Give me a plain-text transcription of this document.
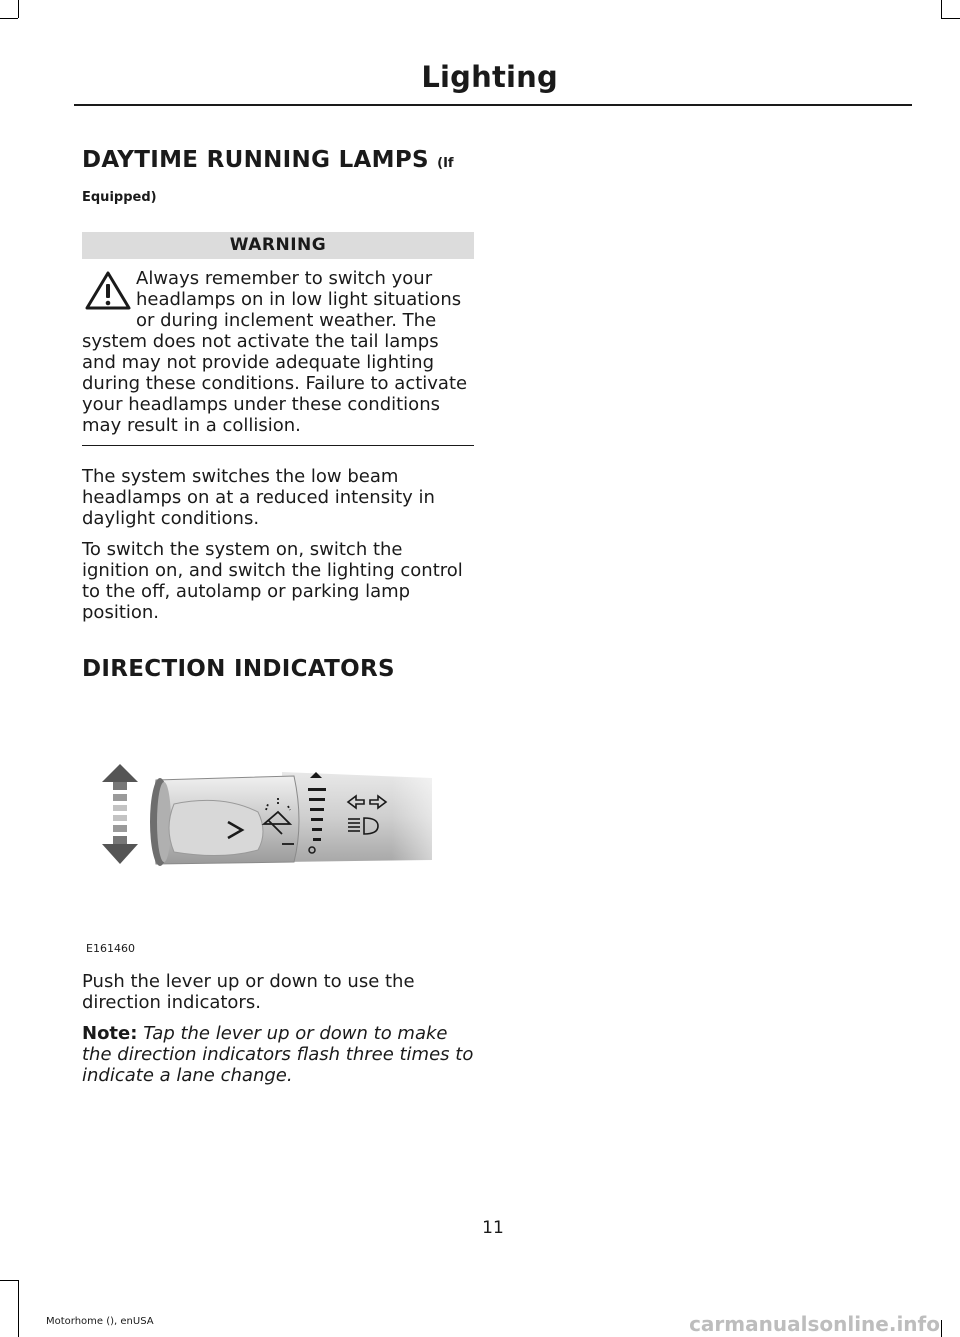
Lighting
DAYTIME RUNNING LAMPS (If
Equipped)
WARNING

Always remember to switch your headlamps on in low light situations or during inclement weather. The system does not activate the tail lamps and may not provide adequate lighting during these conditions. Failure to activate your headlamps under these conditions may result in a collision.

The system switches the low beam headlamps on at a reduced intensity in daylight conditions.

To switch the system on, switch the ignition on, and switch the lighting control to the off, autolamp or parking lamp position.

DIRECTION INDICATORS
E161460

Push the lever up or down to use the direction indicators.

Note: Tap the lever up or down to make the direction indicators flash three times to indicate a lane change.

11
Motorhome (), enUSA	carmanualsonline.info
